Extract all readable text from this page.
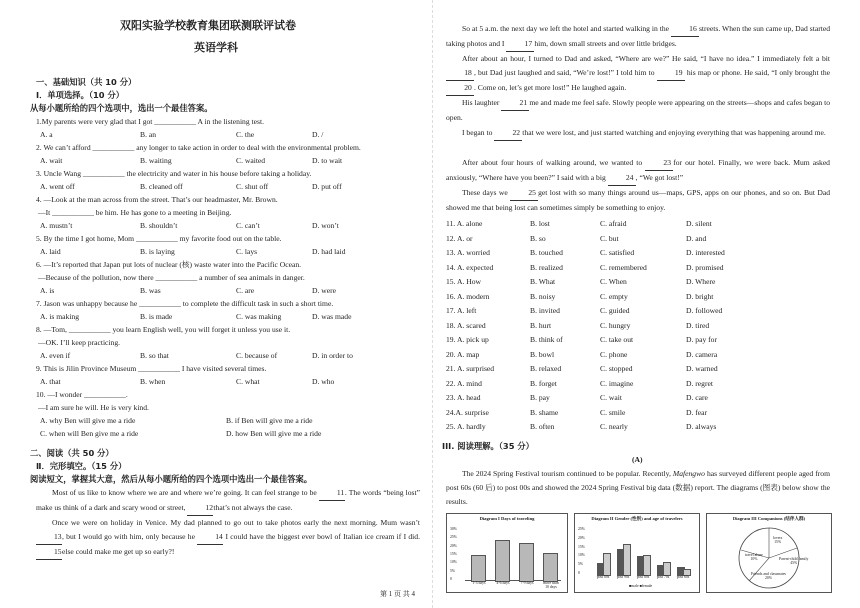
双阳实验学校教育集团联测联评试卷
英语学科
一、基础知识（共 10 分）
Ⅰ．单项选择。（10 分）
从每小题所给的四个选项中，选出一个最佳答案。
1.My parents were very glad that I got ___________ A in the listening test.
A. a	B. an	C. the	D. /
2. We can’t afford ___________ any longer to take action in order to deal with the environmental problem.
A. wait	B. waiting	C. waited	D. to wait
3. Uncle Wang ___________ the electricity and water in his house before taking a holiday.
A. went off	B. cleaned off	C. shut off	D. put off
4. —Look at the man across from the street. That’s our headmaster, Mr. Brown.
—It ___________ be him. He has gone to a meeting in Beijing.
A. mustn’t	B. shouldn’t	C. can’t	D. won’t
5. By the time I got home, Mom ___________ my favorite food out on the table.
A. laid	B. is laying	C. lays	D. had laid
6. —It’s reported that Japan put lots of nuclear (核) waste water into the Pacific Ocean.
—Because of the pollution, now there ___________ a number of sea animals in danger.
A. is	B. was	C. are	D. were
7. Jason was unhappy because he ___________ to complete the difficult task in such a short time.
A. is making	B. is made	C. was making	D. was made
8. —Tom, ___________ you learn English well, you will forget it unless you use it.
—OK. I’ll keep practicing.
A. even if	B. so that	C. because of	D. in order to
9. This is Jilin Province Museum ___________ I have visited several times.
A. that	B. when	C. what	D. who
10. —I wonder ___________.
—I am sure he will. He is very kind.
A. why Ben will give me a ride	B. if Ben will give me a ride
C. when will Ben give me a ride	D. how Ben will give me a ride
二、阅读（共 50 分）
Ⅱ．完形填空。（15 分）
阅读短文，掌握其大意，然后从每小题所给的四个选项中选出一个最佳答案。
Most of us like to know where we are and where we’re going. It can feel strange to be	11. The words “being lost” make us think of a dark and scary wood or street,	12that’s not always the case.
Once we were on holiday in Venice. My dad planned to go out to take photos early the next morning. Mum wasn’t 13, but I would go with him, only because he	14 I could have the biggest ever bowl of Italian ice cream if I did. 15else could make me get up so early?!
So at 5 a.m. the next day we left the hotel and started walking in the	16 streets. When the sun came up, Dad started taking photos and I	17 him, down small streets and over little bridges.
After about an hour, I turned to Dad and asked, “Where are we?” He said, “I have no idea.” I immediately felt a bit 18 , but Dad just laughed and said, “We’re lost!” I told him to	19 his map or phone. He said, “I only brought the 20 . Come on, let’s get more lost!” He laughed again.
His laughter	21 me and made me feel safe. Slowly people were appearing on the streets—shops and cafes began to open.
I began to	22 that we were lost, and just started watching and enjoying everything that was happening around me.
After about four hours of walking around, we wanted to	23 for our hotel. Finally, we were back. Mum asked anxiously, “Where have you been?” I said with a big	24 , “We got lost!”
These days we	25 get lost with so many things around us—maps, GPS, apps on our phones, and so on. But Dad showed me that being lost can sometimes simply be something to enjoy.
11. A. alone	B. lost	C. afraid	D. silent
12. A. or	B. so	C. but	D. and
13. A. worried	B. touched	C. satisfied	D. interested
14. A. expected	B. realized	C. remembered	D. promised
15. A. How	B. What	C. When	D. Where
16. A. modern	B. noisy	C. empty	D. bright
17. A. left	B. invited	C. guided	D. followed
18. A. scared	B. hurt	C. hungry	D. tired
19. A. pick up	B. think of	C. take out	D. pay for
20. A. map	B. bowl	C. phone	D. camera
21. A. surprised	B. relaxed	C. stopped	D. warned
22. A. mind	B. forget	C. imagine	D. regret
23. A. head	B. pay	C. wait	D. care
24.A. surprise	B. shame	C. smile	D. fear
25. A. hardly	B. often	C. nearly	D. always
III. 阅读理解。（35 分）
(A)
The 2024 Spring Festival tourism continued to be popular. Recently, Mafengwo has surveyed different people aged from post 60s (60 后) to post 00s and showed the 2024 Spring Festival big data (数据) report. The diagrams (图表) below show the results.
Diagram I Days of traveling
30%
25%
20%
15%
10%
5%
0
1-3 days	4-6 days	7-9 days	more than 10 days
Diagram II Gender (性别) and age of travelers
25%
20%
15%
10%
5%
0
post 00s	post 90s	post 80s	post 70s	post 60s
■male ■female
Diagram III Companions (结伴人群)
lovers
15%
Parent-child family
45%
Friends and classmates
20%
travel alone
10%
第 1 页 共 4
